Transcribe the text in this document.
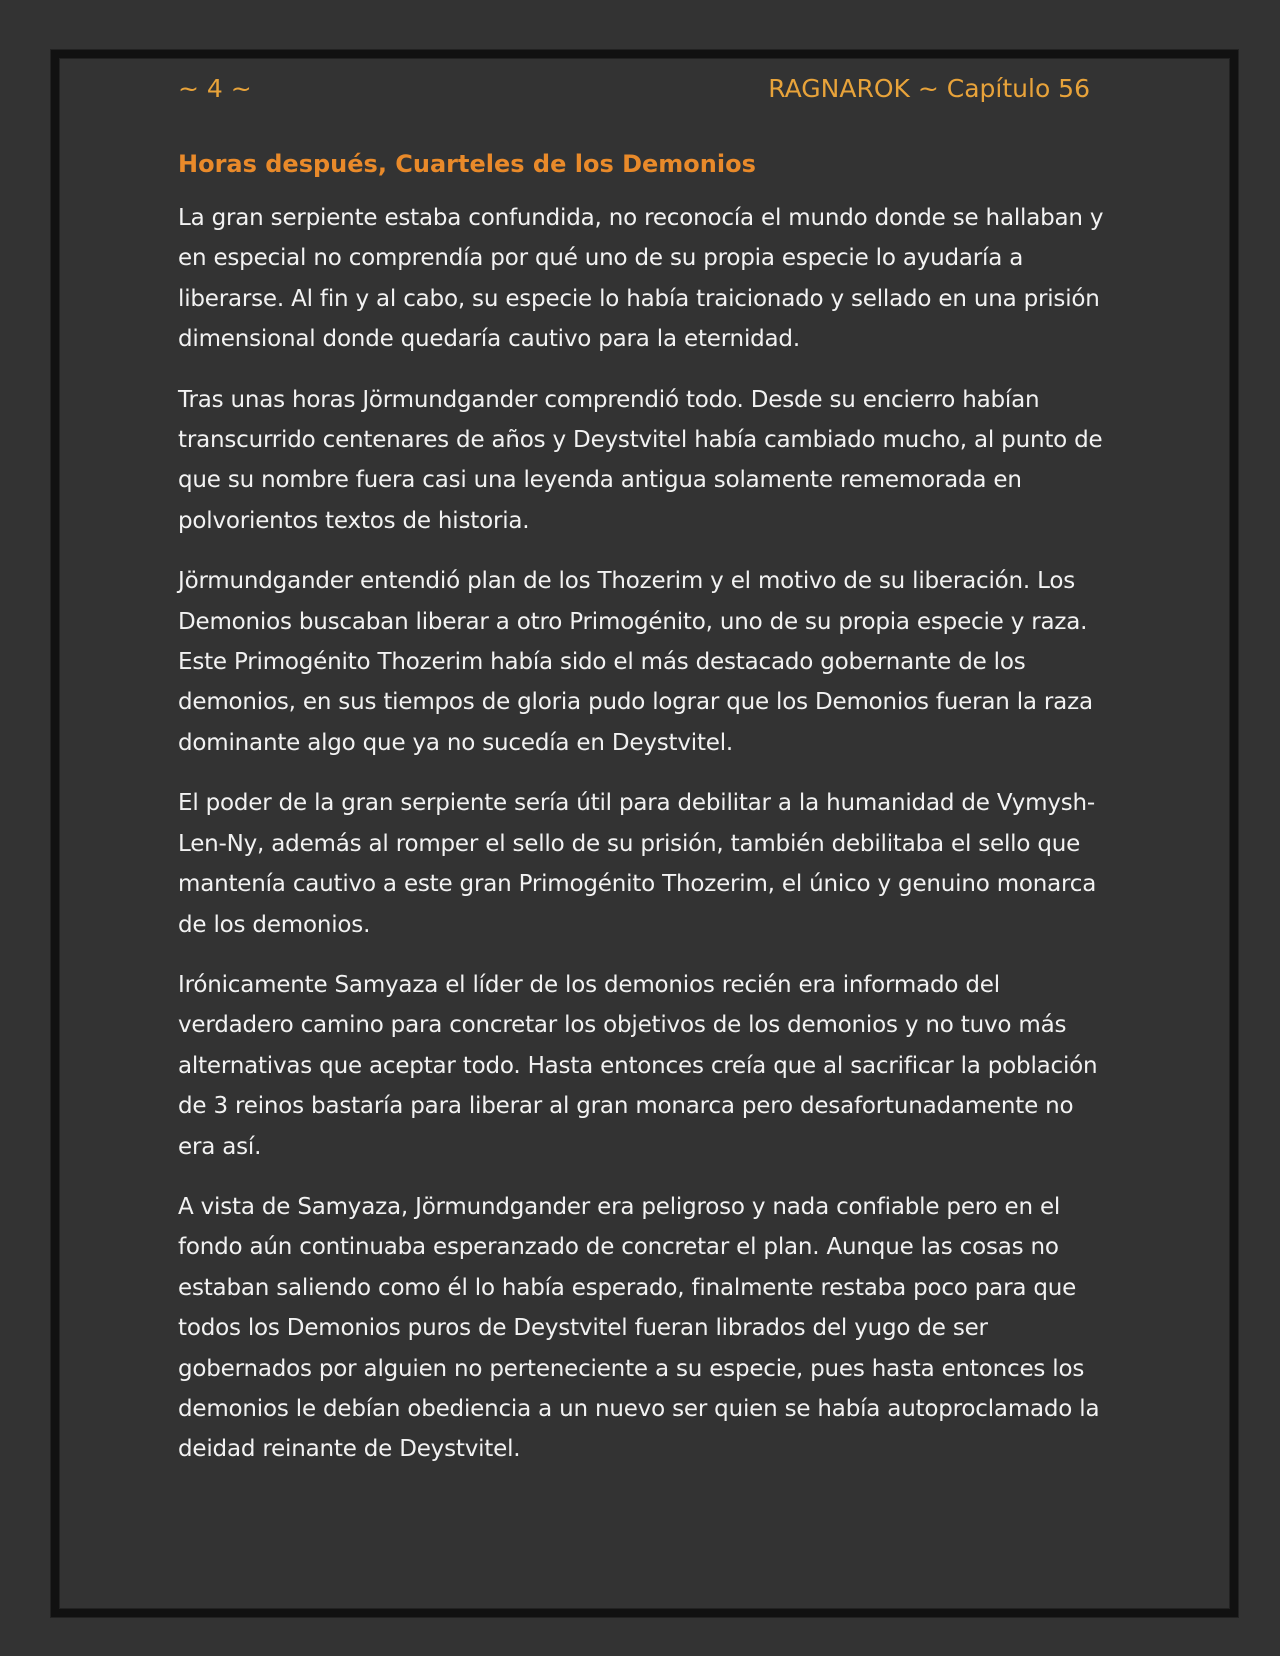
~ 4 ~	RAGNAROK ~ Capítulo 56
Horas después, Cuarteles de los Demonios

La gran serpiente estaba confundida, no reconocía el mundo donde se hallaban y en especial no comprendía por qué uno de su propia especie lo ayudaría a liberarse. Al fin y al cabo, su especie lo había traicionado y sellado en una prisión dimensional donde quedaría cautivo para la eternidad.

Tras unas horas Jörmundgander comprendió todo. Desde su encierro habían transcurrido centenares de años y Deystvitel había cambiado mucho, al punto de que su nombre fuera casi una leyenda antigua solamente rememorada en polvorientos textos de historia.

Jörmundgander entendió plan de los Thozerim y el motivo de su liberación. Los Demonios buscaban liberar a otro Primogénito, uno de su propia especie y raza. Este Primogénito Thozerim había sido el más destacado gobernante de los demonios, en sus tiempos de gloria pudo lograr que los Demonios fueran la raza dominante algo que ya no sucedía en Deystvitel.

El poder de la gran serpiente sería útil para debilitar a la humanidad de Vymysh-Len-Ny, además al romper el sello de su prisión, también debilitaba el sello que mantenía cautivo a este gran Primogénito Thozerim, el único y genuino monarca de los demonios.

Irónicamente Samyaza el líder de los demonios recién era informado del verdadero camino para concretar los objetivos de los demonios y no tuvo más alternativas que aceptar todo. Hasta entonces creía que al sacrificar la población de 3 reinos bastaría para liberar al gran monarca pero desafortunadamente no era así.

A vista de Samyaza, Jörmundgander era peligroso y nada confiable pero en el fondo aún continuaba esperanzado de concretar el plan. Aunque las cosas no estaban saliendo como él lo había esperado, finalmente restaba poco para que todos los Demonios puros de Deystvitel fueran librados del yugo de ser gobernados por alguien no perteneciente a su especie, pues hasta entonces los demonios le debían obediencia a un nuevo ser quien se había autoproclamado la deidad reinante de Deystvitel.
